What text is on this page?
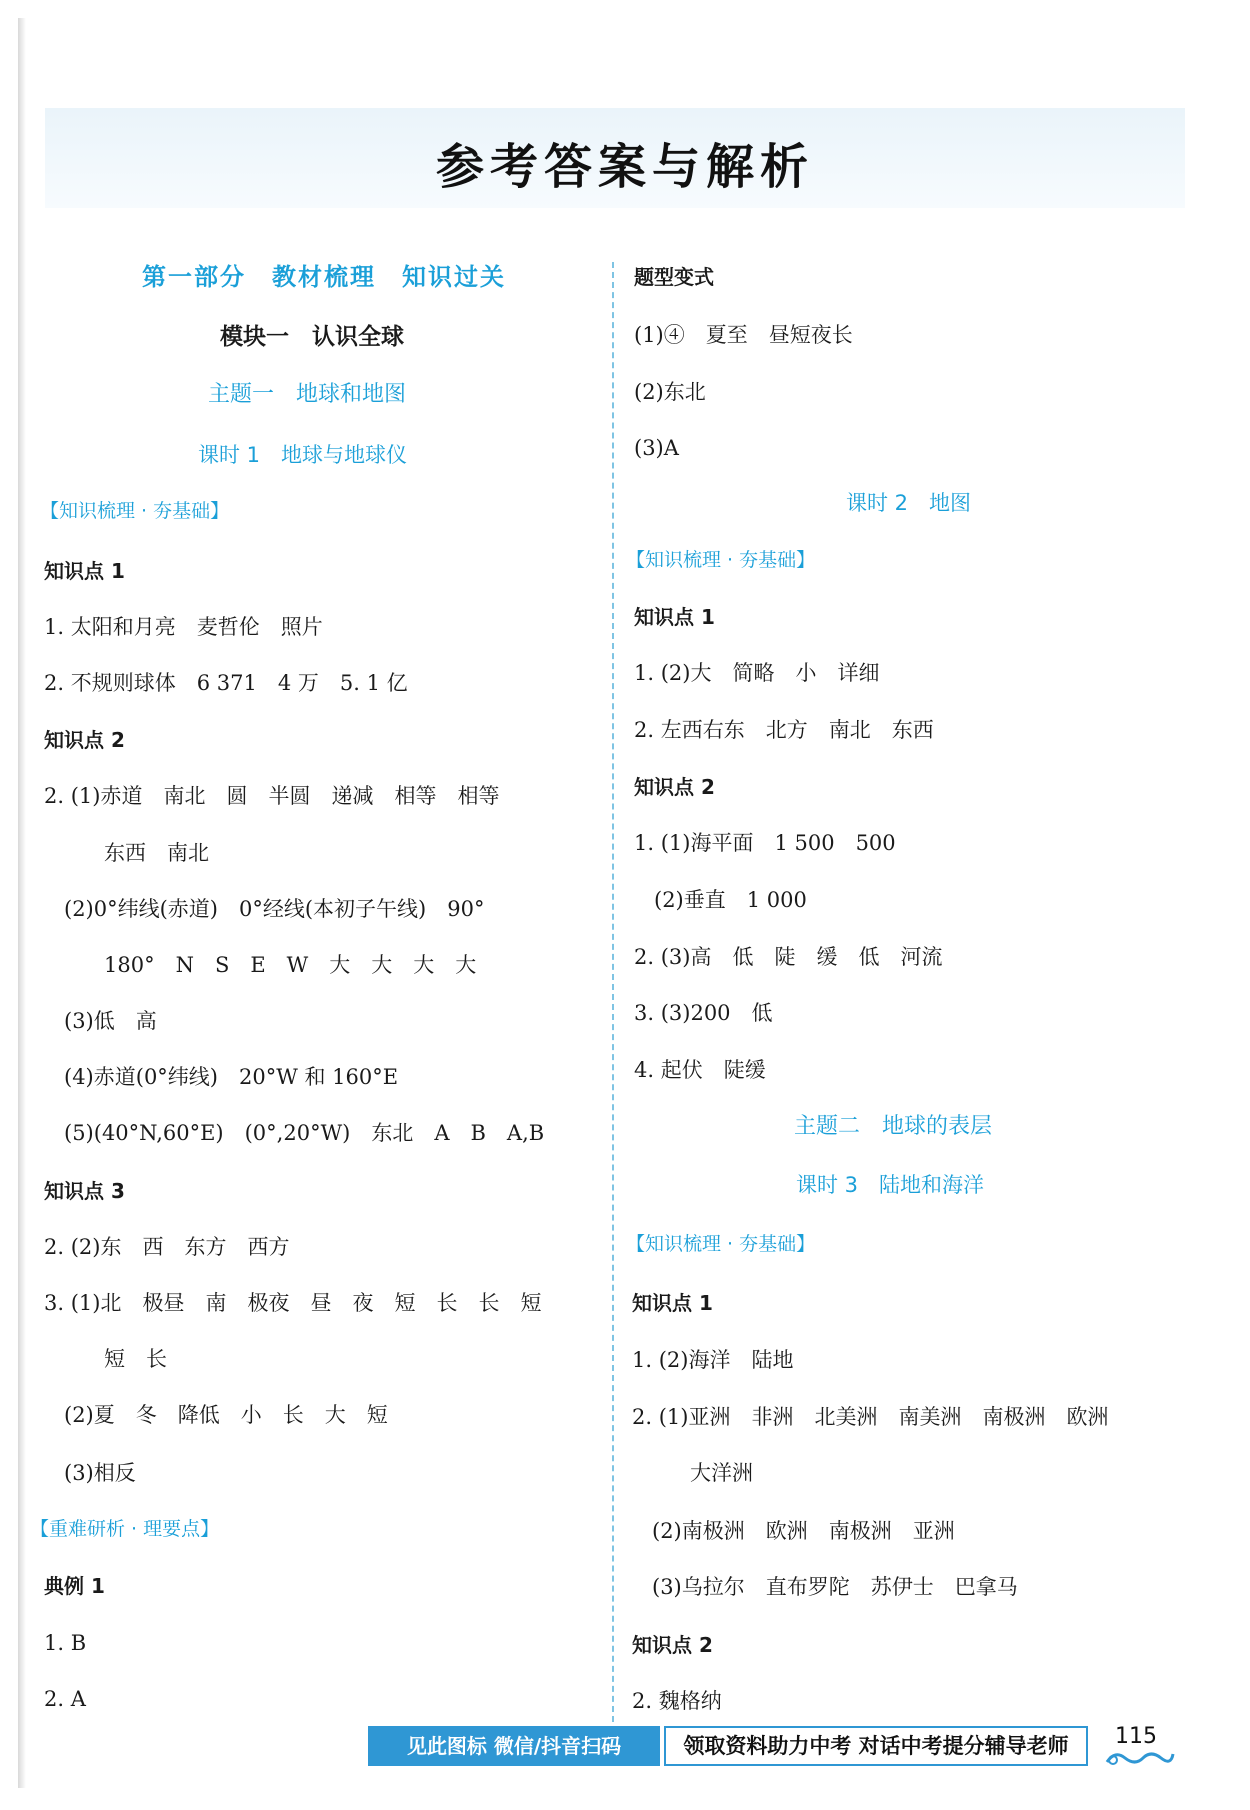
参考答案与解析
第一部分　教材梳理　知识过关
模块一　认识全球
主题一　地球和地图
课时 1　地球与地球仪
【知识梳理 · 夯基础】
知识点 1
1. 太阳和月亮　麦哲伦　照片
2. 不规则球体　6 371　4 万　5. 1 亿
知识点 2
2. (1)赤道　南北　圆　半圆　递减　相等　相等
东西　南北
(2)0°纬线(赤道)　0°经线(本初子午线)　90°
180°　N　S　E　W　大　大　大　大
(3)低　高
(4)赤道(0°纬线)　20°W 和 160°E
(5)(40°N,60°E)　(0°,20°W)　东北　A　B　A,B
知识点 3
2. (2)东　西　东方　西方
3. (1)北　极昼　南　极夜　昼　夜　短　长　长　短
短　长
(2)夏　冬　降低　小　长　大　短
(3)相反
【重难研析 · 理要点】
典例 1
1. B
2. A
题型变式
(1)④　夏至　昼短夜长
(2)东北
(3)A
课时 2　地图
【知识梳理 · 夯基础】
知识点 1
1. (2)大　简略　小　详细
2. 左西右东　北方　南北　东西
知识点 2
1. (1)海平面　1 500　500
(2)垂直　1 000
2. (3)高　低　陡　缓　低　河流
3. (3)200　低
4. 起伏　陡缓
主题二　地球的表层
课时 3　陆地和海洋
【知识梳理 · 夯基础】
知识点 1
1. (2)海洋　陆地
2. (1)亚洲　非洲　北美洲　南美洲　南极洲　欧洲
大洋洲
(2)南极洲　欧洲　南极洲　亚洲
(3)乌拉尔　直布罗陀　苏伊士　巴拿马
知识点 2
2. 魏格纳
见此图标 微信/抖音扫码	领取资料助力中考 对话中考提分辅导老师	115
